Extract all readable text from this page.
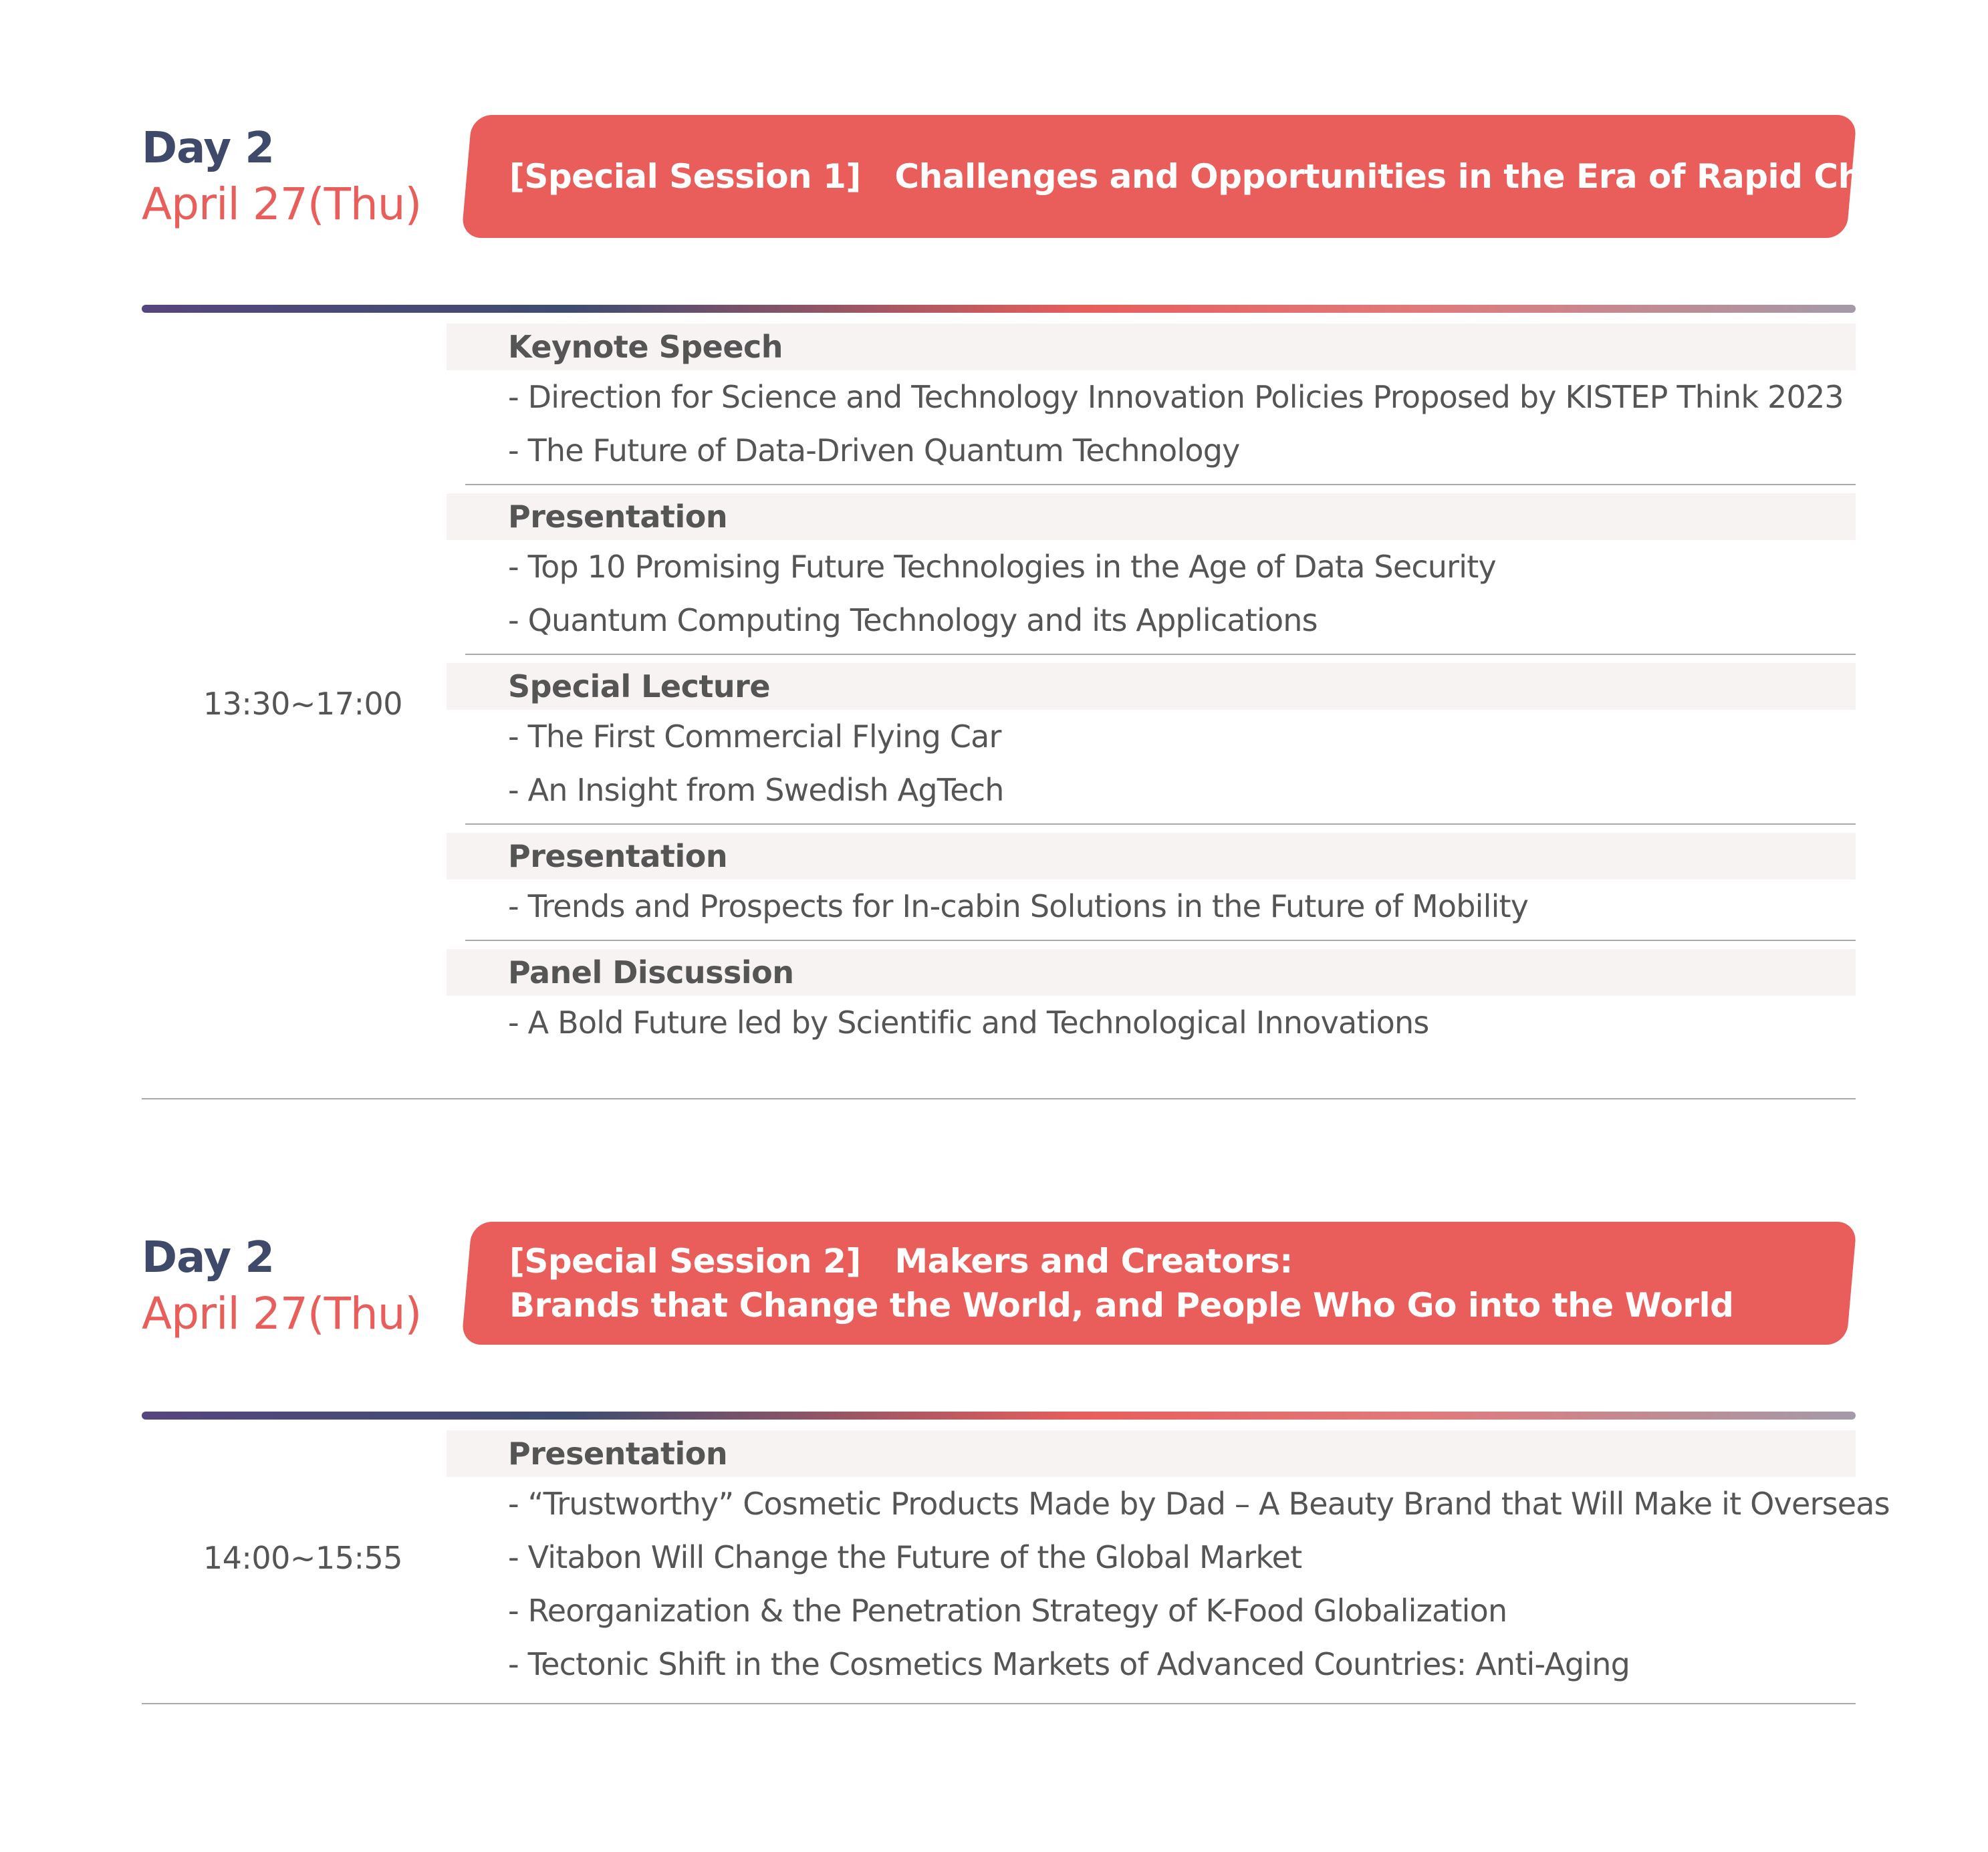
Day 2
April 27(Thu)
[Special Session 1]   Challenges and Opportunities in the Era of Rapid Change
13:30~17:00
Keynote Speech
- Direction for Science and Technology Innovation Policies Proposed by KISTEP Think 2023
- The Future of Data-Driven Quantum Technology
Presentation
- Top 10 Promising Future Technologies in the Age of Data Security
- Quantum Computing Technology and its Applications
Special Lecture
- The First Commercial Flying Car
- An Insight from Swedish AgTech
Presentation
- Trends and Prospects for In-cabin Solutions in the Future of Mobility
Panel Discussion
- A Bold Future led by Scientific and Technological Innovations
Day 2
April 27(Thu)
[Special Session 2]   Makers and Creators:
Brands that Change the World, and People Who Go into the World
14:00~15:55
Presentation
- “Trustworthy” Cosmetic Products Made by Dad – A Beauty Brand that Will Make it Overseas
- Vitabon Will Change the Future of the Global Market
- Reorganization & the Penetration Strategy of K-Food Globalization
- Tectonic Shift in the Cosmetics Markets of Advanced Countries: Anti-Aging
